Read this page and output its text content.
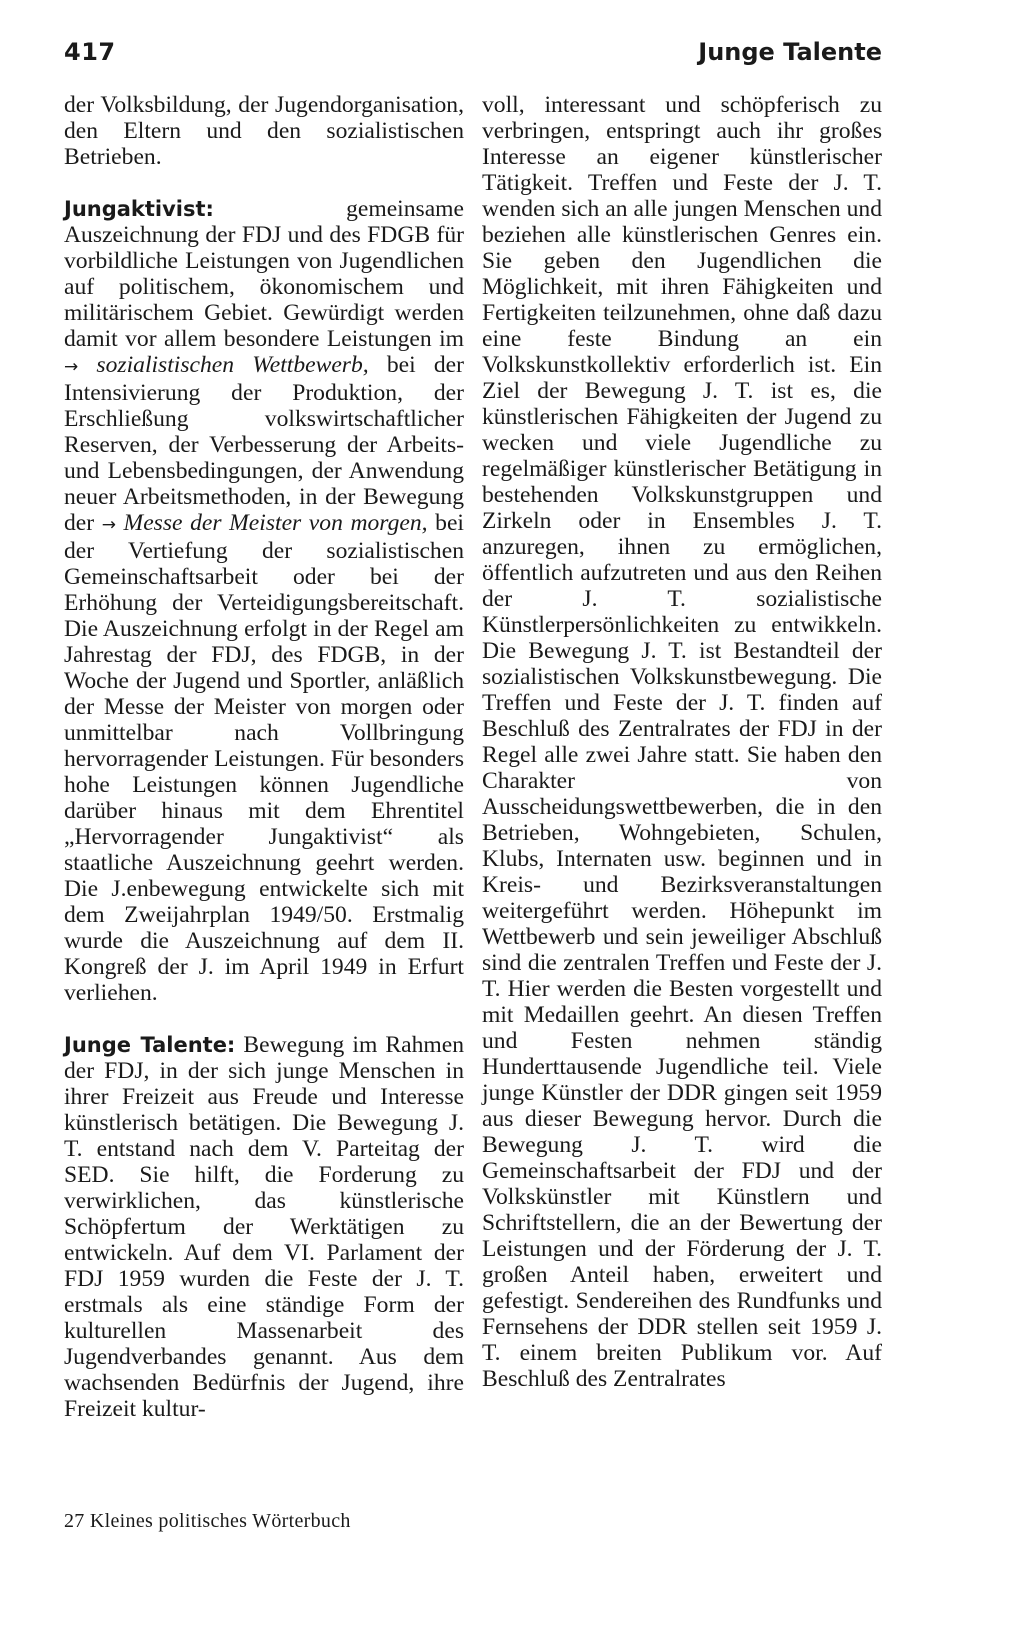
417	Junge Talente

der Volksbildung, der Jugendorganisation, den Eltern und den sozialistischen Betrieben.

Jungaktivist: gemeinsame Auszeichnung der FDJ und des FDGB für vorbildliche Leistungen von Jugendlichen auf politischem, ökonomischem und militärischem Gebiet. Gewürdigt werden damit vor allem besondere Leistungen im → sozialistischen Wettbewerb, bei der Intensivierung der Produktion, der Erschließung volkswirtschaftlicher Reserven, der Verbesserung der Arbeits- und Lebensbedingungen, der Anwendung neuer Arbeitsmethoden, in der Bewegung der → Messe der Meister von morgen, bei der Vertiefung der sozialistischen Gemeinschaftsarbeit oder bei der Erhöhung der Verteidigungsbereitschaft. Die Auszeichnung erfolgt in der Regel am Jahrestag der FDJ, des FDGB, in der Woche der Jugend und Sportler, anläßlich der Messe der Meister von morgen oder unmittelbar nach Vollbringung hervorragender Leistungen. Für besonders hohe Leistungen können Jugendliche darüber hinaus mit dem Ehrentitel „Hervorragender Jungaktivist“ als staatliche Auszeichnung geehrt werden. Die J.enbewegung entwickelte sich mit dem Zweijahrplan 1949/50. Erstmalig wurde die Auszeichnung auf dem II. Kongreß der J. im April 1949 in Erfurt verliehen.

Junge Talente: Bewegung im Rahmen der FDJ, in der sich junge Menschen in ihrer Freizeit aus Freude und Interesse künstlerisch betätigen. Die Bewegung J. T. entstand nach dem V. Parteitag der SED. Sie hilft, die Forderung zu verwirklichen, das künstlerische Schöpfertum der Werktätigen zu entwickeln. Auf dem VI. Parlament der FDJ 1959 wurden die Feste der J. T. erstmals als eine ständige Form der kulturellen Massenarbeit des Jugendverbandes genannt. Aus dem wachsenden Bedürfnis der Jugend, ihre Freizeit kultur-

voll, interessant und schöpferisch zu verbringen, entspringt auch ihr großes Interesse an eigener künstlerischer Tätigkeit. Treffen und Feste der J. T. wenden sich an alle jungen Menschen und beziehen alle künstlerischen Genres ein. Sie geben den Jugendlichen die Möglichkeit, mit ihren Fähigkeiten und Fertigkeiten teilzunehmen, ohne daß dazu eine feste Bindung an ein Volkskunstkollektiv erforderlich ist. Ein Ziel der Bewegung J. T. ist es, die künstlerischen Fähigkeiten der Jugend zu wecken und viele Jugendliche zu regelmäßiger künstlerischer Betätigung in bestehenden Volkskunstgruppen und Zirkeln oder in Ensembles J. T. anzuregen, ihnen zu ermöglichen, öffentlich aufzutreten und aus den Reihen der J. T. sozialistische Künstlerpersönlichkeiten zu entwikkeln. Die Bewegung J. T. ist Bestandteil der sozialistischen Volkskunstbewegung. Die Treffen und Feste der J. T. finden auf Beschluß des Zentralrates der FDJ in der Regel alle zwei Jahre statt. Sie haben den Charakter von Ausscheidungswettbewerben, die in den Betrieben, Wohngebieten, Schulen, Klubs, Internaten usw. beginnen und in Kreis- und Bezirksveranstaltungen weitergeführt werden. Höhepunkt im Wettbewerb und sein jeweiliger Abschluß sind die zentralen Treffen und Feste der J. T. Hier werden die Besten vorgestellt und mit Medaillen geehrt. An diesen Treffen und Festen nehmen ständig Hunderttausende Jugendliche teil. Viele junge Künstler der DDR gingen seit 1959 aus dieser Bewegung hervor. Durch die Bewegung J. T. wird die Gemeinschaftsarbeit der FDJ und der Volkskünstler mit Künstlern und Schriftstellern, die an der Bewertung der Leistungen und der Förderung der J. T. großen Anteil haben, erweitert und gefestigt. Sendereihen des Rundfunks und Fernsehens der DDR stellen seit 1959 J. T. einem breiten Publikum vor. Auf Beschluß des Zentralrates

27 Kleines politisches Wörterbuch
